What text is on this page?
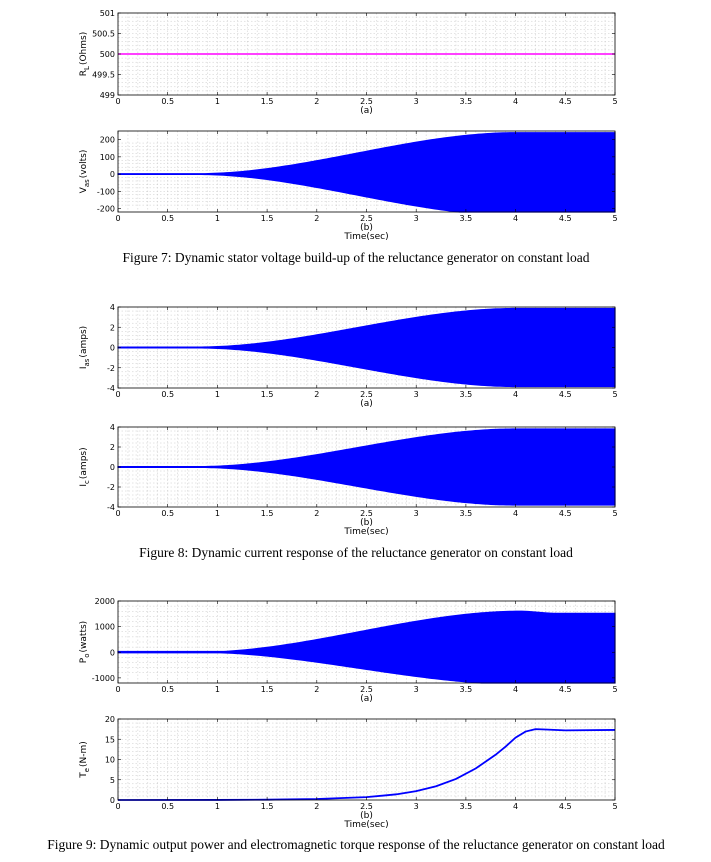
0	0.5	1	1.5	2	2.5	3	3.5	4	4.5	5
499
499.5
500
500.5
501
$R_L(Ohms)$
(a)
0	0.5	1	1.5	2	2.5	3	3.5	4	4.5	5
-200
-100
0
100
200
$V_{as}(volts)$
(b)
Time(sec)
0	0.5	1	1.5	2	2.5	3	3.5	4	4.5	5
-4
-2
0
2
4
$I_{as}(amps)$
(a)
0	0.5	1	1.5	2	2.5	3	3.5	4	4.5	5
-4
-2
0
2
4
$I_c(amps)$
(b)
Time(sec)
0	0.5	1	1.5	2	2.5	3	3.5	4	4.5	5
-1000
0
1000
2000
$P_o(watts)$
(a)
0	0.5	1	1.5	2	2.5	3	3.5	4	4.5	5
0
5
10
15
20
$T_e(N-m)$
(b)
Time(sec)
Figure 7: Dynamic stator voltage build-up of the reluctance generator on constant load
Figure 8: Dynamic current response of the reluctance generator on constant load
Figure 9: Dynamic output power and electromagnetic torque response of the reluctance generator on constant load
